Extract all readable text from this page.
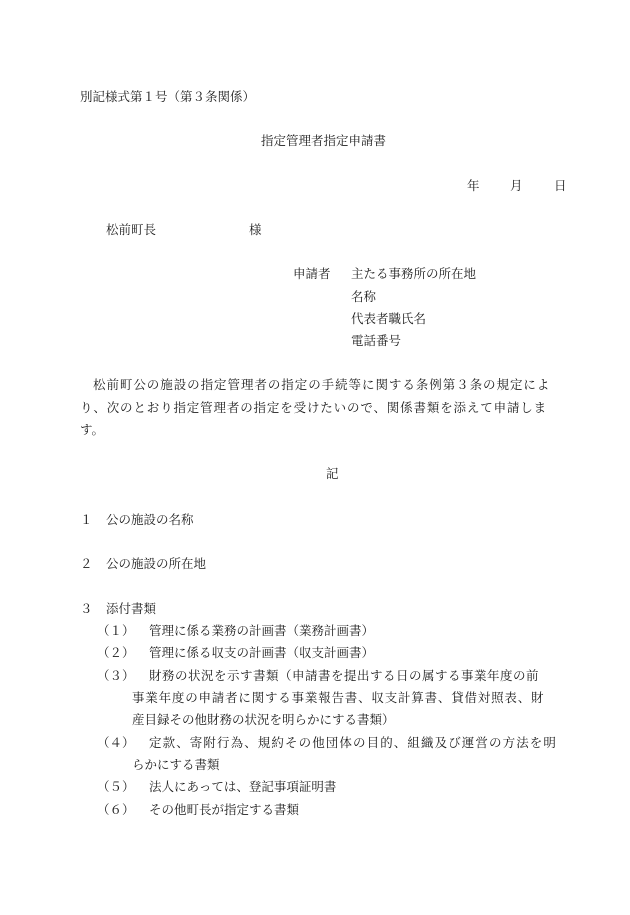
別記様式第１号（第３条関係）
指定管理者指定申請書
年 月	日
松前町長	様
申請者 主たる事務所の所在地
名称
代表者職氏名
電話番号
松前町公の施設の指定管理者の指定の手続等に関する条例第３条の規定によ
り、次のとおり指定管理者の指定を受けたいので、関係書類を添えて申請しま
す。
記
１ 公の施設の名称
２ 公の施設の所在地
３ 添付書類
（１） 管理に係る業務の計画書（業務計画書）
（２） 管理に係る収支の計画書（収支計画書）
（３） 財務の状況を示す書類（申請書を提出する日の属する事業年度の前
事業年度の申請者に関する事業報告書、収支計算書、貸借対照表、財
産目録その他財務の状況を明らかにする書類）
（４） 定款、寄附行為、規約その他団体の目的、組織及び運営の方法を明
らかにする書類
（５） 法人にあっては、登記事項証明書
（６） その他町長が指定する書類
